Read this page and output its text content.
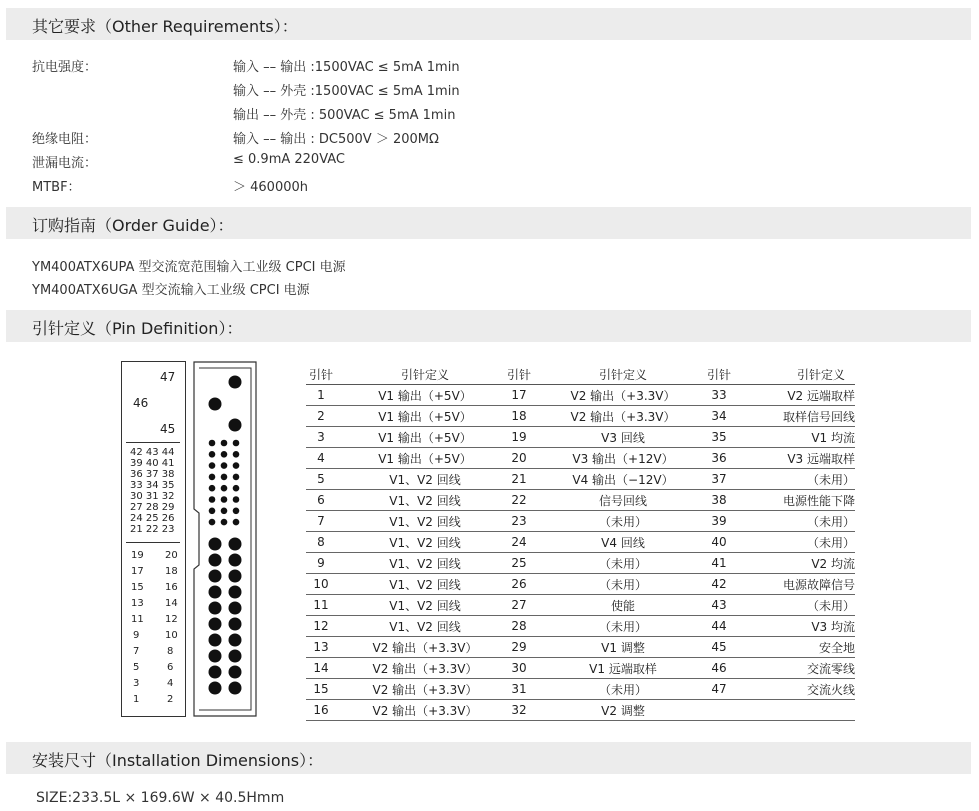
其它要求（Other Requirements）：
抗电强度：	输入 –– 输出 :1500VAC ≤ 5mA 1min
输入 –– 外壳 :1500VAC ≤ 5mA 1min
输出 –– 外壳 : 500VAC ≤ 5mA 1min
绝缘电阻：	输入 –– 输出 : DC500V ＞ 200MΩ
泄漏电流：	≤ 0.9mA 220VAC
MTBF：	＞ 460000h
订购指南（Order Guide）：
YM400ATX6UPA 型交流宽范围输入工业级 CPCI 电源
YM400ATX6UGA 型交流输入工业级 CPCI 电源
引针定义（Pin Definition）：
47
46
45
42 43 44
39 40 41
36 37 38
33 34 35
30 31 32
27 28 29
24 25 26
21 22 23
19 20
17 18
15 16
13 14
11 12
9	10
7	8
5	6
3	4
1	2
引针	引针定义	引针	引针定义	引针	引针定义
1	V1 输出（+5V）	17	V2 输出（+3.3V）	33	V2 远端取样
2	V1 输出（+5V）	18	V2 输出（+3.3V）	34	取样信号回线
3	V1 输出（+5V）	19	V3 回线	35	V1 均流
4	V1 输出（+5V）	20	V3 输出（+12V）	36	V3 远端取样
5	V1、V2 回线	21	V4 输出（−12V）	37	（未用）
6	V1、V2 回线	22	信号回线	38	电源性能下降
7	V1、V2 回线	23	（未用）	39	（未用）
8	V1、V2 回线	24	V4 回线	40	（未用）
9	V1、V2 回线	25	（未用）	41	V2 均流
10	V1、V2 回线	26	（未用）	42	电源故障信号
11	V1、V2 回线	27	使能	43	（未用）
12	V1、V2 回线	28	（未用）	44	V3 均流
13	V2 输出（+3.3V）	29	V1 调整	45	安全地
14	V2 输出（+3.3V）	30	V1 远端取样	46	交流零线
15	V2 输出（+3.3V）	31	（未用）	47	交流火线
16	V2 输出（+3.3V）	32	V2 调整		
安装尺寸（Installation Dimensions）：
SIZE:233.5L × 169.6W × 40.5Hmm
